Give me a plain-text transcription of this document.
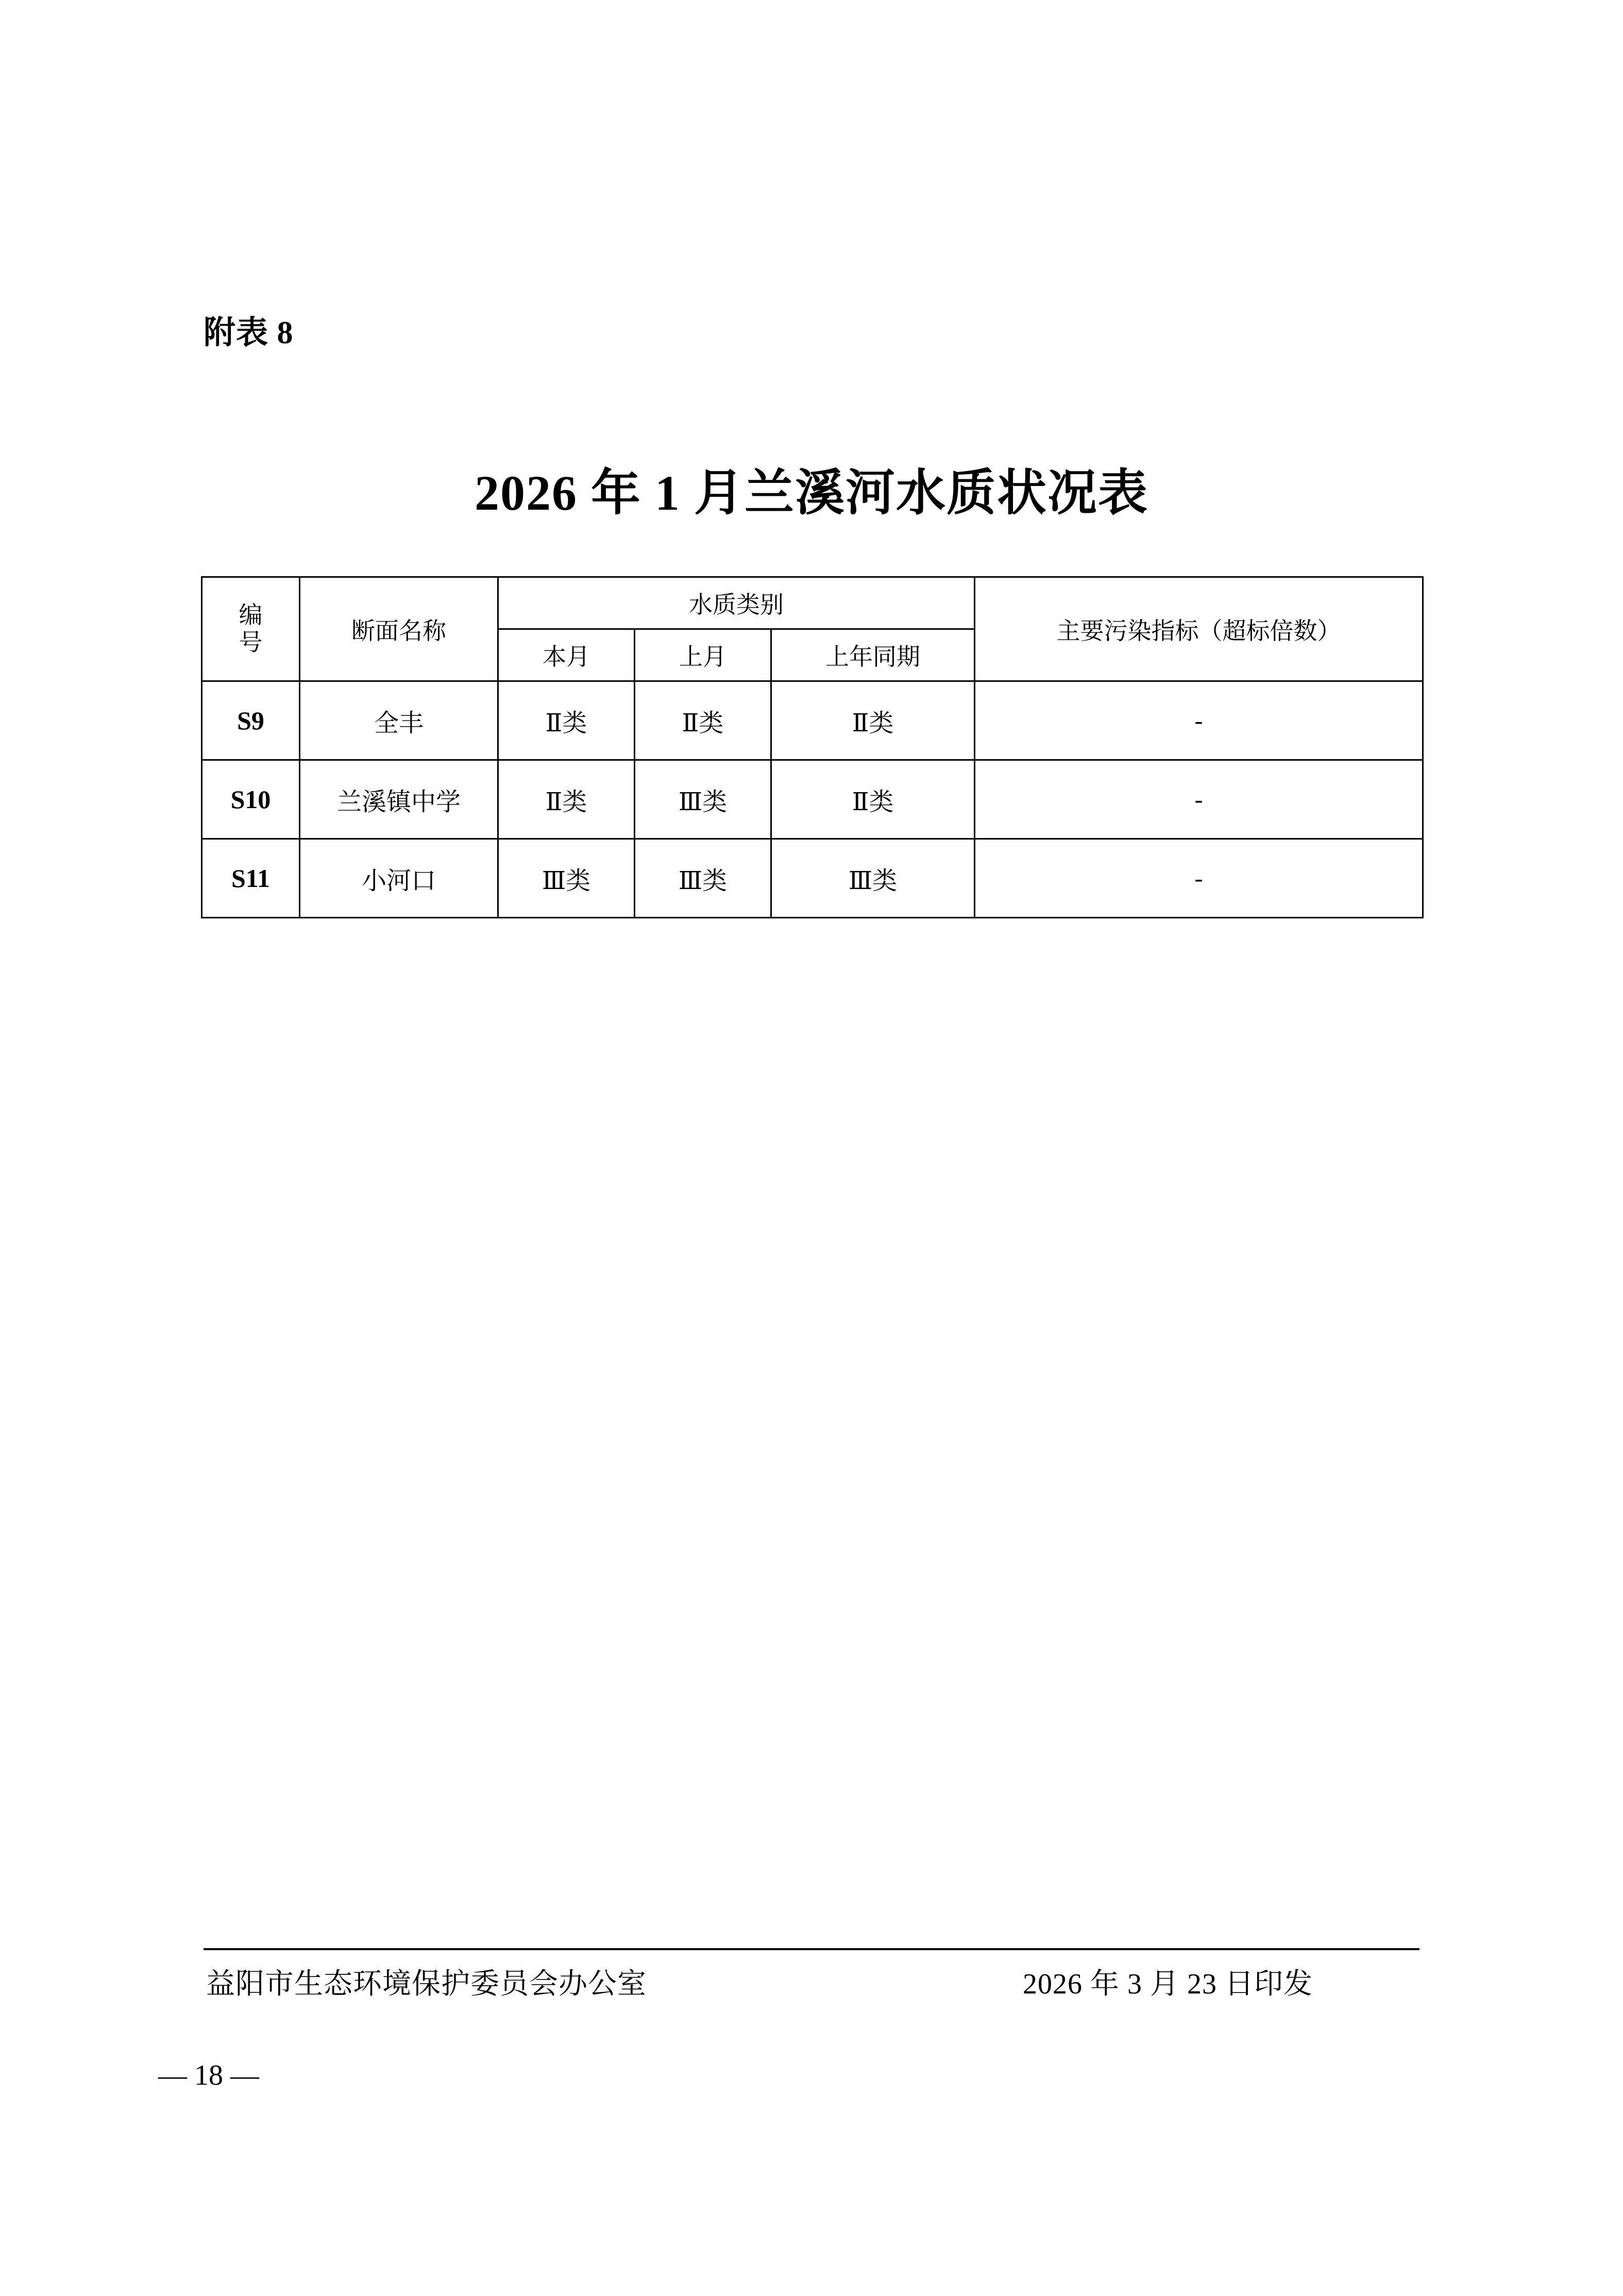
附表 8
2026 年 1 月兰溪河水质状况表
编
号	断面名称	水质类别			主要污染指标（超标倍数）
		本月	上月	上年同期	
S9	全丰	Ⅱ类	Ⅱ类	Ⅱ类	-
S10	兰溪镇中学	Ⅱ类	Ⅲ类	Ⅱ类	-
S11	小河口	Ⅲ类	Ⅲ类	Ⅲ类	-
益阳市生态环境保护委员会办公室	2026 年 3 月 23 日印发
— 18 —
